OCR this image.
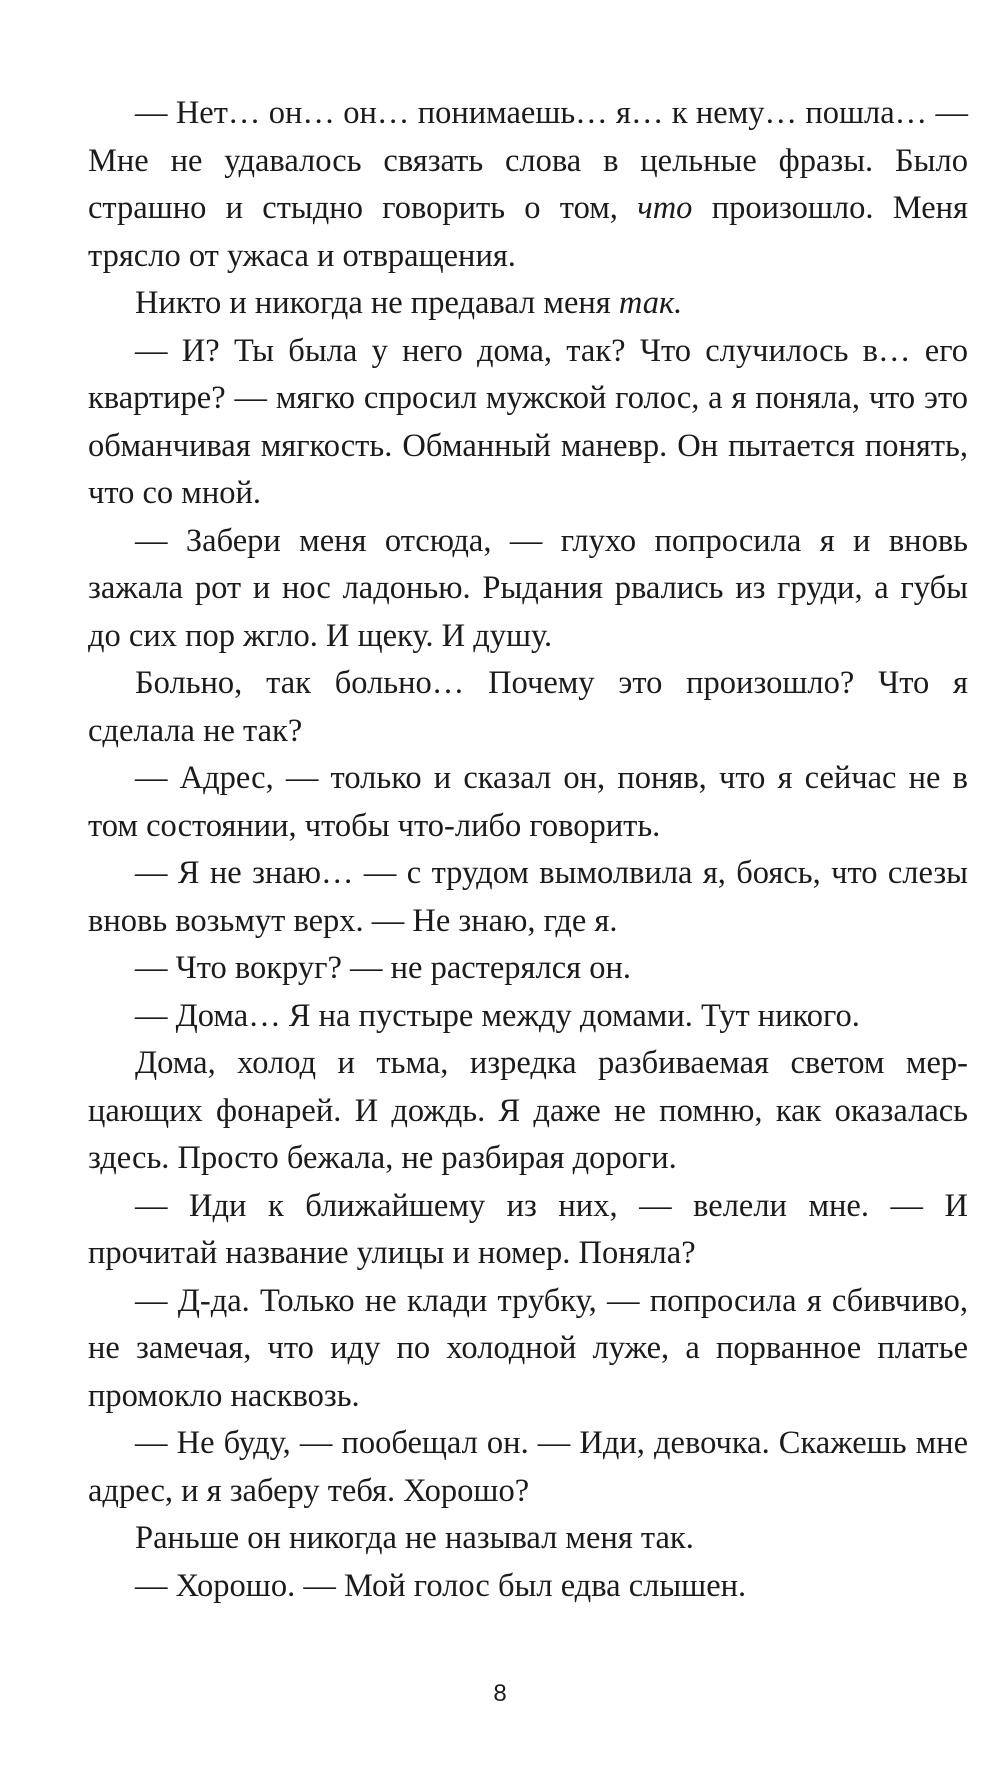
— Нет… он… он… понимаешь… я… к нему… пошла… — Мне не удавалось связать слова в цельные фразы. Было страшно и стыдно говорить о том, что произошло. Меня трясло от ужаса и отвращения.

Никто и никогда не предавал меня так.

— И? Ты была у него дома, так? Что случилось в… его квартире? — мягко спросил мужской голос, а я поняла, что это обманчивая мягкость. Обманный маневр. Он пытается понять, что со мной.

— Забери меня отсюда, — глухо попросила я и вновь зажала рот и нос ладонью. Рыдания рвались из груди, а губы до сих пор жгло. И щеку. И душу.

Больно, так больно… Почему это произошло? Что я сделала не так?

— Адрес, — только и сказал он, поняв, что я сейчас не в том состоянии, чтобы что-либо говорить.

— Я не знаю… — с трудом вымолвила я, боясь, что слезы вновь возьмут верх. — Не знаю, где я.

— Что вокруг? — не растерялся он.

— Дома… Я на пустыре между домами. Тут никого.

Дома, холод и тьма, изредка разбиваемая светом мерцающих фонарей. И дождь. Я даже не помню, как оказалась здесь. Просто бежала, не разбирая дороги.

— Иди к ближайшему из них, — велели мне. — И прочитай название улицы и номер. Поняла?

— Д-да. Только не клади трубку, — попросила я сбивчиво, не замечая, что иду по холодной луже, а порванное платье промокло насквозь.

— Не буду, — пообещал он. — Иди, девочка. Скажешь мне адрес, и я заберу тебя. Хорошо?

Раньше он никогда не называл меня так.

— Хорошо. — Мой голос был едва слышен.

8
